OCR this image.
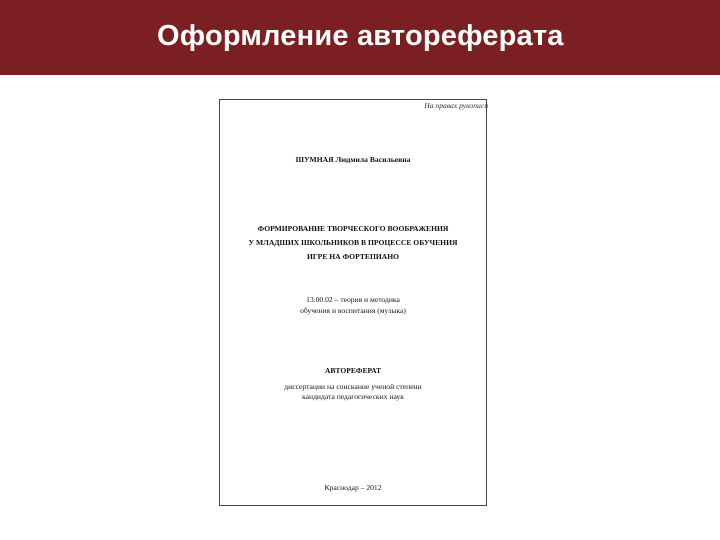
Оформление автореферата
На правах рукописи
ШУМНАЯ Людмила Васильевна
ФОРМИРОВАНИЕ ТВОРЧЕСКОГО ВООБРАЖЕНИЯ
У МЛАДШИХ ШКОЛЬНИКОВ В ПРОЦЕССЕ ОБУЧЕНИЯ
ИГРЕ НА ФОРТЕПИАНО
13.00.02 – теория и методика
обучения и воспитания (музыка)
АВТОРЕФЕРАТ
диссертации на соискание ученой степени
кандидата педагогических наук
Краснодар – 2012
